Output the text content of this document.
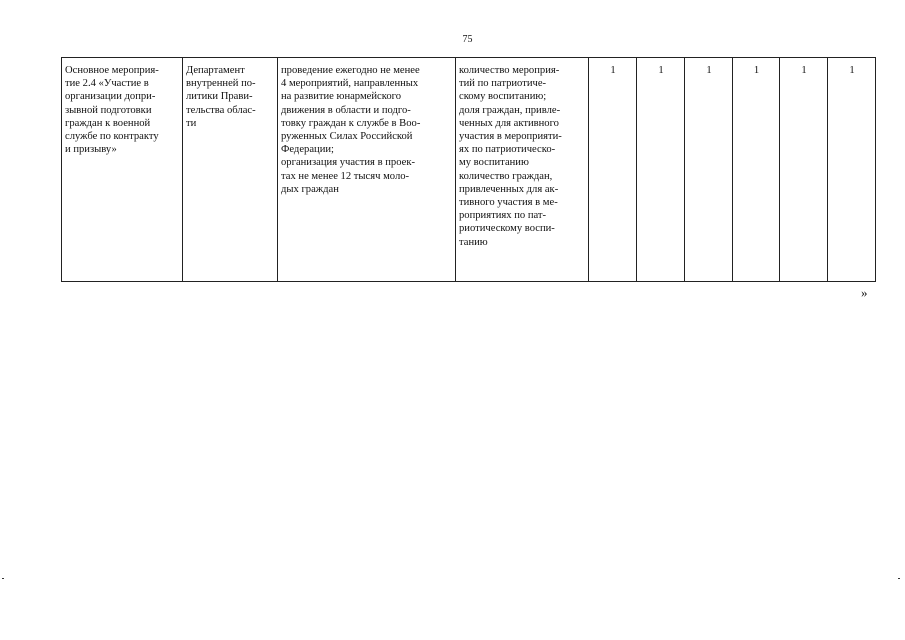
75
Основное мероприя-
тие 2.4 «Участие в
организации допри-
зывной подготовки
граждан к военной
службе по контракту
и призыву»	Департамент
внутренней по-
литики Прави-
тельства облас-
ти	проведение ежегодно не менее
4 мероприятий, направленных
на развитие юнармейского
движения в области и подго-
товку граждан к службе в Воо-
руженных Силах Российской
Федерации;
организация участия в проек-
тах не менее 12 тысяч моло-
дых граждан	количество мероприя-
тий по патриотиче-
скому воспитанию;
доля граждан, привле-
ченных для активного
участия в мероприяти-
ях по патриотическо-
му воспитанию
количество граждан,
привлеченных для ак-
тивного участия в ме-
роприятиях по пат-
риотическому воспи-
танию	1	1	1	1	1	1
»
